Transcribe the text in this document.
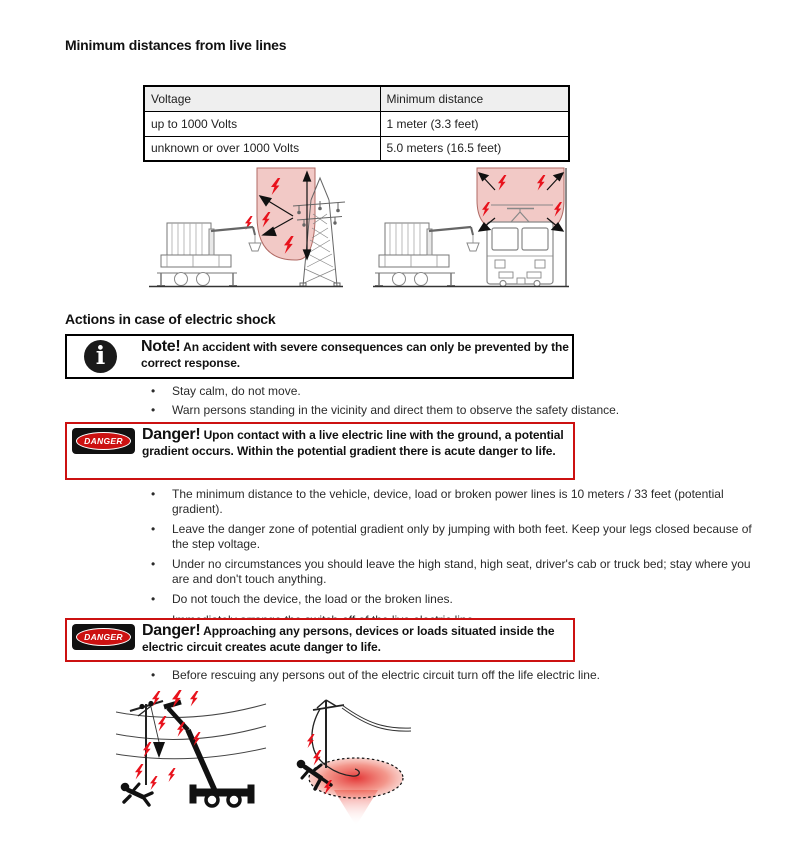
Minimum distances from live lines
Voltage	Minimum distance
up to 1000 Volts	1 meter (3.3 feet)
unknown or over 1000 Volts	5.0 meters (16.5 feet)
Actions in case of electric shock
i	Note! An accident with severe consequences can only be prevented by the correct response.
• Stay calm, do not move.
• Warn persons standing in the vicinity and direct them to observe the safety distance.
DANGER Danger! Upon contact with a live electric line with the ground, a potential gradient occurs. Within the potential gradient there is acute danger to life.
• The minimum distance to the vehicle, device, load or broken power lines is 10 meters / 33 feet (potential gradient).
• Leave the danger zone of potential gradient only by jumping with both feet. Keep your legs closed because of the step voltage.
• Under no circumstances you should leave the high stand, high seat, driver's cab or truck bed; stay where you are and don't touch anything.
• Do not touch the device, the load or the broken lines.
•
DANGER Danger! Approaching any persons, devices or loads situated inside the electric circuit creates acute danger to life.
• Before rescuing any persons out of the electric circuit turn off the life electric line.
